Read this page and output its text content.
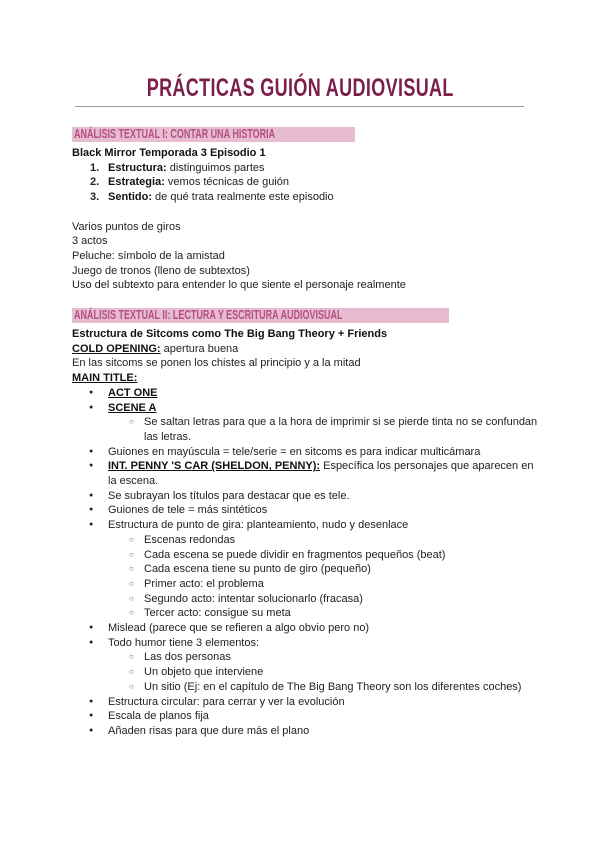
PRÁCTICAS GUIÓN AUDIOVISUAL
ANÁLISIS TEXTUAL I: CONTAR UNA HISTORIA
Black Mirror Temporada 3 Episodio 1
1. Estructura: distinguimos partes
2. Estrategia: vemos técnicas de guión
3. Sentido: de qué trata realmente este episodio
Varios puntos de giros
3 actos
Peluche: símbolo de la amistad
Juego de tronos (lleno de subtextos)
Uso del subtexto para entender lo que siente el personaje realmente
ANÁLISIS TEXTUAL II: LECTURA Y ESCRITURA AUDIOVISUAL
Estructura de Sitcoms como The Big Bang Theory + Friends
COLD OPENING: apertura buena
En las sitcoms se ponen los chistes al principio y a la mitad
MAIN TITLE:
● ACT ONE
● SCENE A
○ Se saltan letras para que a la hora de imprimir si se pierde tinta no se confundan las letras.
● Guiones en mayúscula = tele/serie = en sitcoms es para indicar multicámara
● INT. PENNY 'S CAR (SHELDON, PENNY): Específica los personajes que aparecen en la escena.
● Se subrayan los títulos para destacar que es tele.
● Guiones de tele = más sintéticos
● Estructura de punto de gira: planteamiento, nudo y desenlace
○ Escenas redondas
○ Cada escena se puede dividir en fragmentos pequeños (beat)
○ Cada escena tiene su punto de giro (pequeño)
○ Primer acto: el problema
○ Segundo acto: intentar solucionarlo (fracasa)
○ Tercer acto: consigue su meta
● Mislead (parece que se refieren a algo obvio pero no)
● Todo humor tiene 3 elementos:
○ Las dos personas
○ Un objeto que interviene
○ Un sitio (Ej: en el capítulo de The Big Bang Theory son los diferentes coches)
● Estructura circular: para cerrar y ver la evolución
● Escala de planos fija
● Añaden risas para que dure más el plano
